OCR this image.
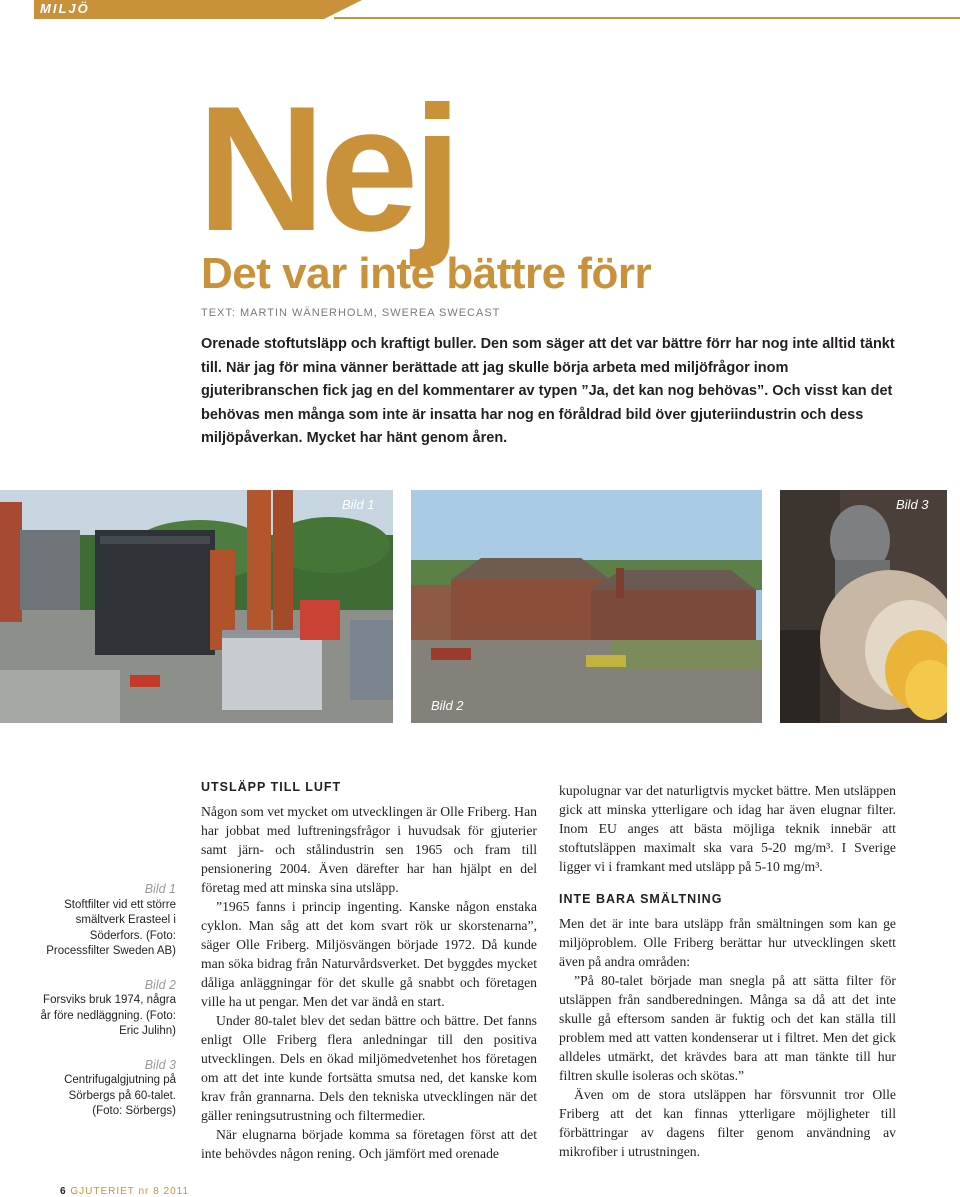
MILJÖ
Nej
Det var inte bättre förr
TEXT: MARTIN WÄNERHOLM, SWEREA SWECAST
Orenade stoftutsläpp och kraftigt buller. Den som säger att det var bättre förr har nog inte alltid tänkt till. När jag för mina vänner berättade att jag skulle börja arbeta med miljöfrågor inom gjuteribranschen fick jag en del kommentarer av typen ”Ja, det kan nog behövas”. Och visst kan det behövas men många som inte är insatta har nog en föråldrad bild över gjuteriindustrin och dess miljöpåverkan. Mycket har hänt genom åren.
Bild 1
Bild 2
Bild 3
Bild 1
Stoftfilter vid ett större smältverk Erasteel i Söderfors. (Foto: Processfilter Sweden AB)
Bild 2
Forsviks bruk 1974, några år före nedläggning. (Foto: Eric Julihn)
Bild 3
Centrifugalgjutning på Sörbergs på 60-talet. (Foto: Sörbergs)
UTSLÄPP TILL LUFT

Någon som vet mycket om utvecklingen är Olle Friberg. Han har jobbat med luftreningsfrågor i huvudsak för gjuterier samt järn- och stålindustrin sen 1965 och fram till pensionering 2004. Även därefter har han hjälpt en del företag med att minska sina utsläpp.

”1965 fanns i princip ingenting. Kanske någon enstaka cyklon. Man såg att det kom svart rök ur skorstenarna”, säger Olle Friberg. Miljösvängen började 1972. Då kunde man söka bidrag från Naturvårdsverket. Det byggdes mycket dåliga anläggningar för det skulle gå snabbt och företagen ville ha ut pengar. Men det var ändå en start.

Under 80-talet blev det sedan bättre och bättre. Det fanns enligt Olle Friberg flera anledningar till den positiva utvecklingen. Dels en ökad miljömedvetenhet hos företagen om att det inte kunde fortsätta smutsa ned, det kanske kom krav från grannarna. Dels den tekniska utvecklingen när det gäller reningsutrustning och filtermedier.

När elugnarna började komma sa företagen först att det inte behövdes någon rening. Och jämfört med orenade

kupolugnar var det naturligtvis mycket bättre. Men utsläppen gick att minska ytterligare och idag har även elugnar filter. Inom EU anges att bästa möjliga teknik innebär att stoftutsläppen maximalt ska vara 5-20 mg/m³. I Sverige ligger vi i framkant med utsläpp på 5-10 mg/m³.

INTE BARA SMÄLTNING

Men det är inte bara utsläpp från smältningen som kan ge miljöproblem. Olle Friberg berättar hur utvecklingen skett även på andra områden:

”På 80-talet började man snegla på att sätta filter för utsläppen från sandberedningen. Många sa då att det inte skulle gå eftersom sanden är fuktig och det kan ställa till problem med att vatten kondenserar ut i filtret. Men det gick alldeles utmärkt, det krävdes bara att man tänkte till hur filtren skulle isoleras och skötas.”

Även om de stora utsläppen har försvunnit tror Olle Friberg att det kan finnas ytterligare möjligheter till förbättringar av dagens filter genom användning av mikrofiber i utrustningen.

6 GJUTERIET nr 8 2011
